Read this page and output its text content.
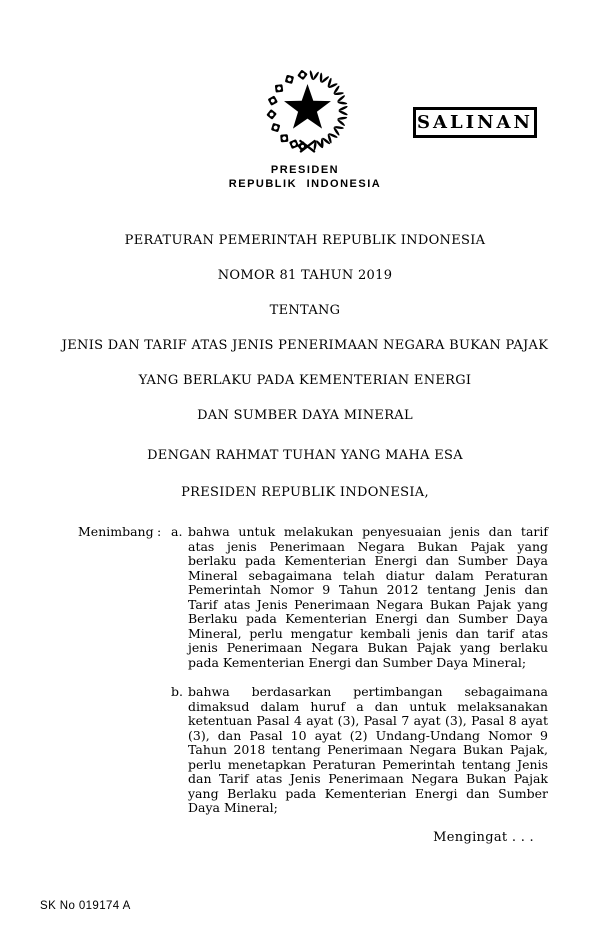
SALINAN
PRESIDEN
REPUBLIK INDONESIA
PERATURAN PEMERINTAH REPUBLIK INDONESIA
NOMOR 81 TAHUN 2019
TENTANG
JENIS DAN TARIF ATAS JENIS PENERIMAAN NEGARA BUKAN PAJAK
YANG BERLAKU PADA KEMENTERIAN ENERGI
DAN SUMBER DAYA MINERAL
DENGAN RAHMAT TUHAN YANG MAHA ESA
PRESIDEN REPUBLIK INDONESIA,
Menimbang : a. bahwa untuk melakukan penyesuaian jenis dan tarif atas jenis Penerimaan Negara Bukan Pajak yang berlaku pada Kementerian Energi dan Sumber Daya Mineral sebagaimana telah diatur dalam Peraturan Pemerintah Nomor 9 Tahun 2012 tentang Jenis dan Tarif atas Jenis Penerimaan Negara Bukan Pajak yang Berlaku pada Kementerian Energi dan Sumber Daya Mineral, perlu mengatur kembali jenis dan tarif atas jenis Penerimaan Negara Bukan Pajak yang berlaku pada Kementerian Energi dan Sumber Daya Mineral;

b. bahwa berdasarkan pertimbangan sebagaimana dimaksud dalam huruf a dan untuk melaksanakan ketentuan Pasal 4 ayat (3), Pasal 7 ayat (3), Pasal 8 ayat (3), dan Pasal 10 ayat (2) Undang-Undang Nomor 9 Tahun 2018 tentang Penerimaan Negara Bukan Pajak, perlu menetapkan Peraturan Pemerintah tentang Jenis dan Tarif atas Jenis Penerimaan Negara Bukan Pajak yang Berlaku pada Kementerian Energi dan Sumber Daya Mineral;

Mengingat . . .
SK No 019174 A
